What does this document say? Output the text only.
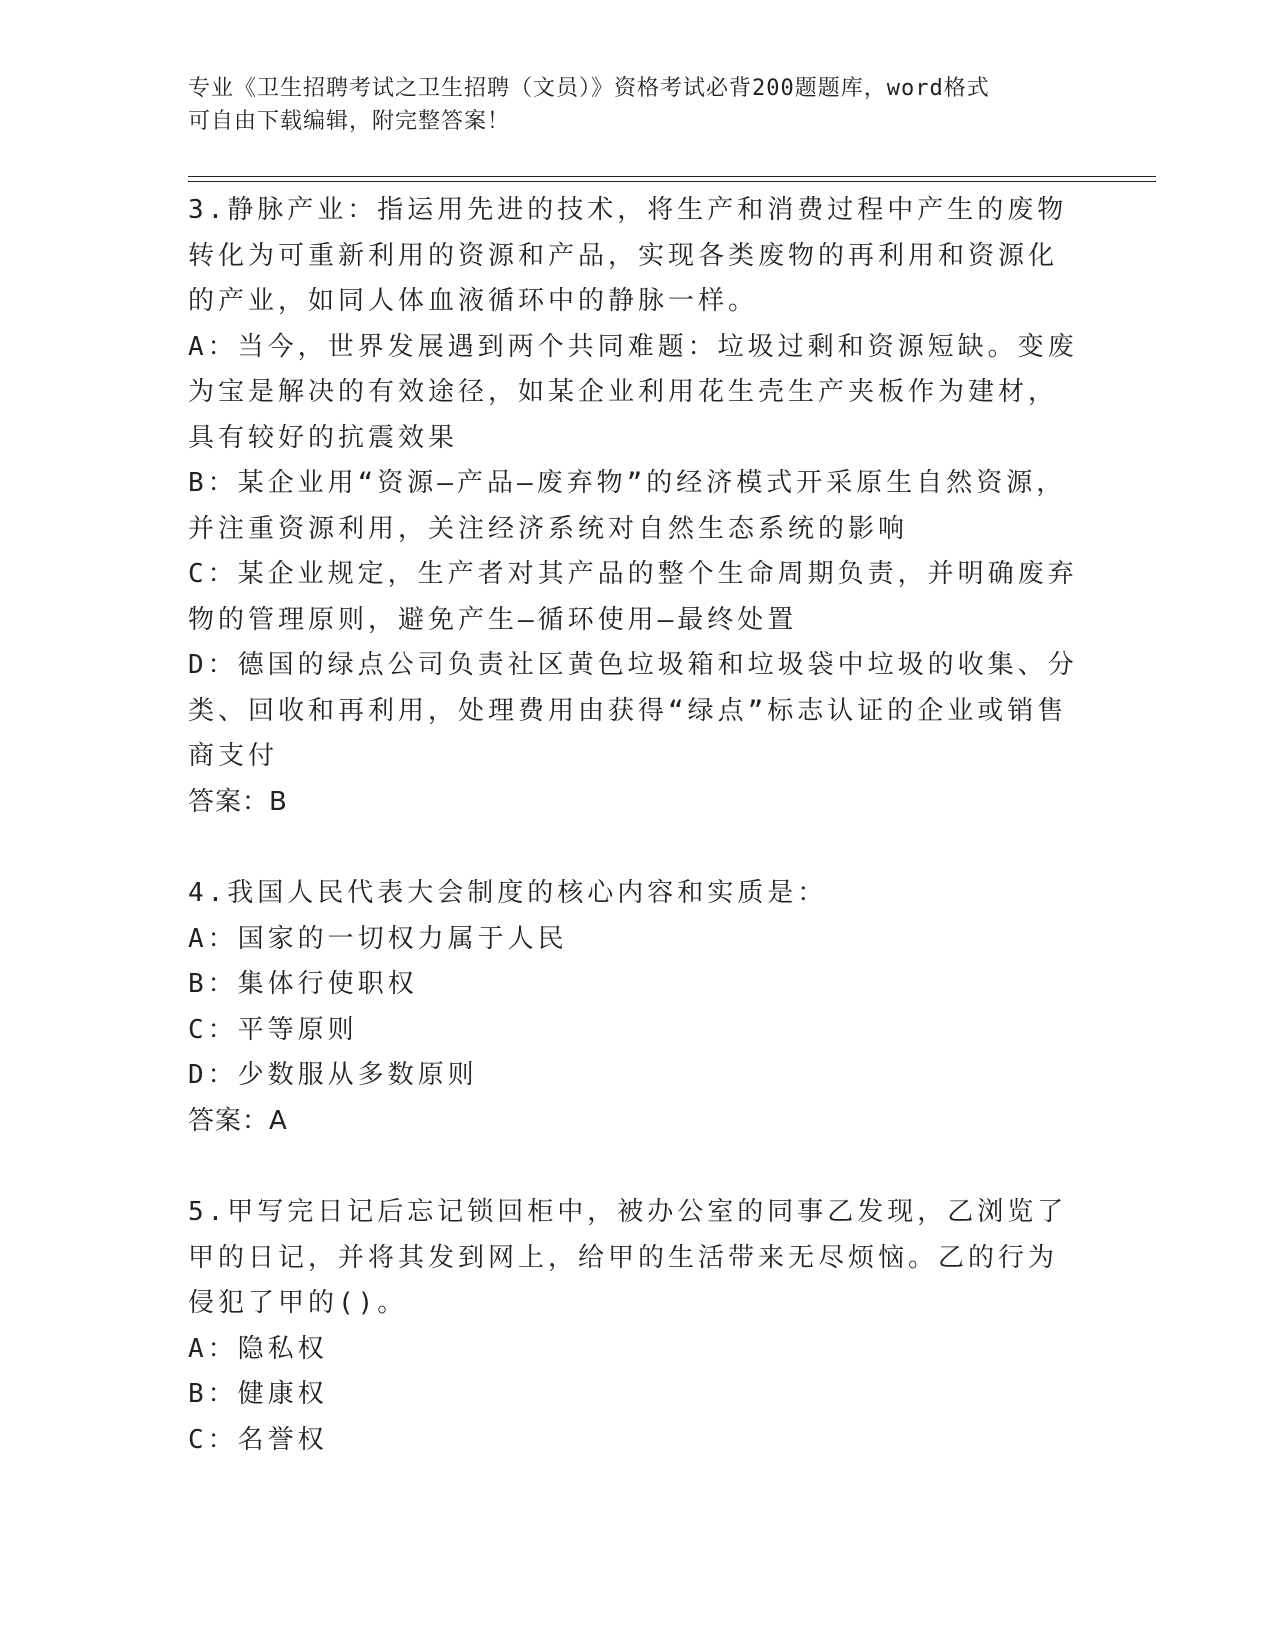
专业《卫生招聘考试之卫生招聘（文员）》资格考试必背200题题库，word格式
可自由下载编辑，附完整答案！

3.静脉产业：指运用先进的技术，将生产和消费过程中产生的废物转化为可重新利用的资源和产品，实现各类废物的再利用和资源化的产业，如同人体血液循环中的静脉一样。

A：当今，世界发展遇到两个共同难题：垃圾过剩和资源短缺。变废为宝是解决的有效途径，如某企业利用花生壳生产夹板作为建材，具有较好的抗震效果

B：某企业用“资源—产品—废弃物”的经济模式开采原生自然资源，并注重资源利用，关注经济系统对自然生态系统的影响

C：某企业规定，生产者对其产品的整个生命周期负责，并明确废弃物的管理原则，避免产生—循环使用—最终处置

D：德国的绿点公司负责社区黄色垃圾箱和垃圾袋中垃圾的收集、分类、回收和再利用，处理费用由获得“绿点”标志认证的企业或销售商支付

答案：B

4.我国人民代表大会制度的核心内容和实质是：

A：国家的一切权力属于人民

B：集体行使职权

C：平等原则

D：少数服从多数原则

答案：A

5.甲写完日记后忘记锁回柜中，被办公室的同事乙发现，乙浏览了甲的日记，并将其发到网上，给甲的生活带来无尽烦恼。乙的行为侵犯了甲的()。

A：隐私权

B：健康权

C：名誉权
